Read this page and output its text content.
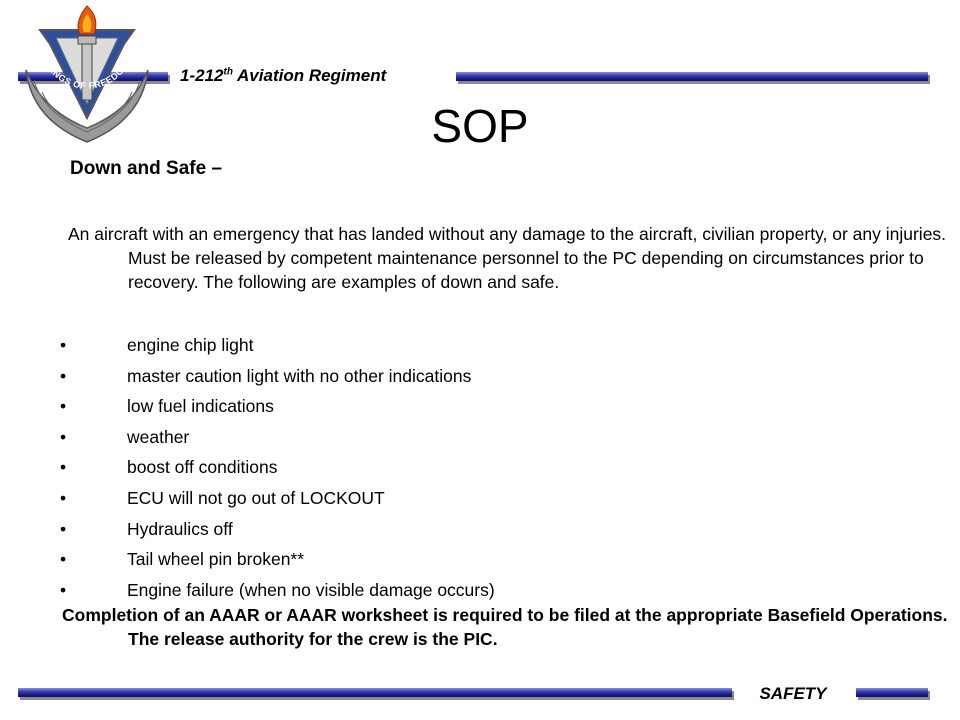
WINGS OF FREEDOM
1-212th Aviation Regiment
SOP
Down and Safe –
An aircraft with an emergency that has landed without any damage to the aircraft, civilian property, or any injuries. Must be released by competent maintenance personnel to the PC depending on circumstances prior to recovery. The following are examples of down and safe.
•	engine chip light
•	master caution light with no other indications
•	low fuel indications
•	weather
•	boost off conditions
•	ECU will not go out of LOCKOUT
•	Hydraulics off
•	Tail wheel pin broken**
•	Engine failure (when no visible damage occurs)
Completion of an AAAR or AAAR worksheet is required to be filed at the appropriate Basefield Operations. The release authority for the crew is the PIC.
SAFETY
